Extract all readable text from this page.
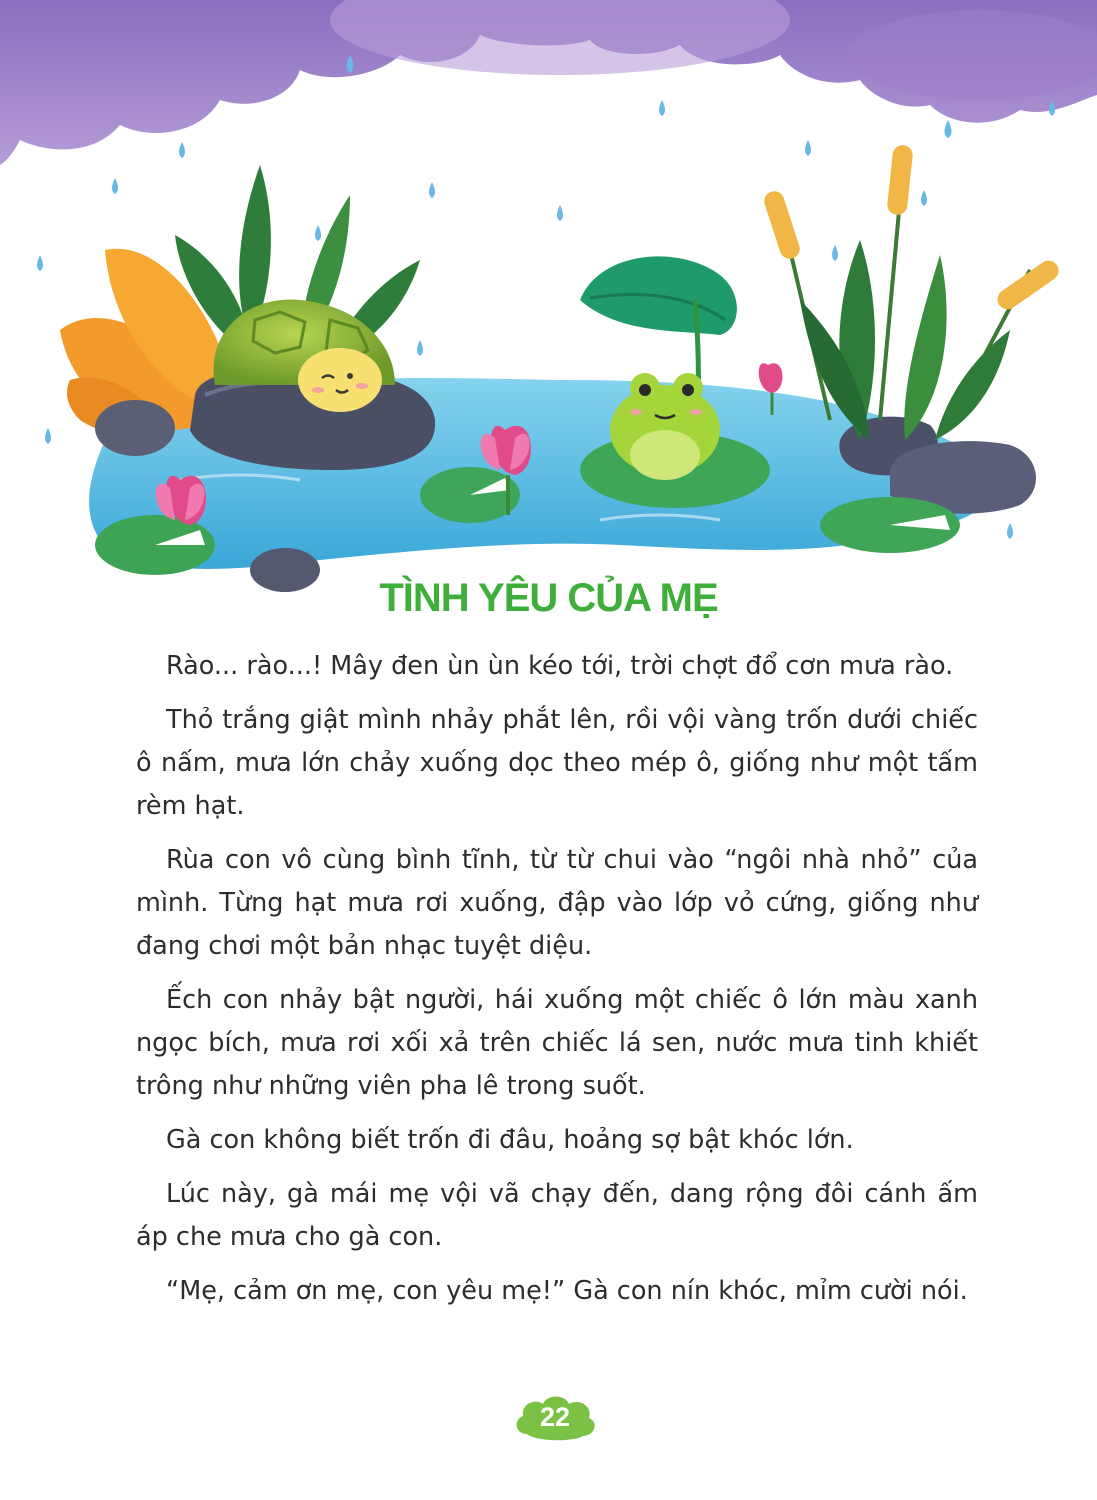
TÌNH YÊU CỦA MẸ

Rào... rào...! Mây đen ùn ùn kéo tới, trời chợt đổ cơn mưa rào.

Thỏ trắng giật mình nhảy phắt lên, rồi vội vàng trốn dưới chiếc ô nấm, mưa lớn chảy xuống dọc theo mép ô, giống như một tấm rèm hạt.

Rùa con vô cùng bình tĩnh, từ từ chui vào “ngôi nhà nhỏ” của mình. Từng hạt mưa rơi xuống, đập vào lớp vỏ cứng, giống như đang chơi một bản nhạc tuyệt diệu.

Ếch con nhảy bật người, hái xuống một chiếc ô lớn màu xanh ngọc bích, mưa rơi xối xả trên chiếc lá sen, nước mưa tinh khiết trông như những viên pha lê trong suốt.

Gà con không biết trốn đi đâu, hoảng sợ bật khóc lớn.

Lúc này, gà mái mẹ vội vã chạy đến, dang rộng đôi cánh ấm áp che mưa cho gà con.

“Mẹ, cảm ơn mẹ, con yêu mẹ!” Gà con nín khóc, mỉm cười nói.

22
